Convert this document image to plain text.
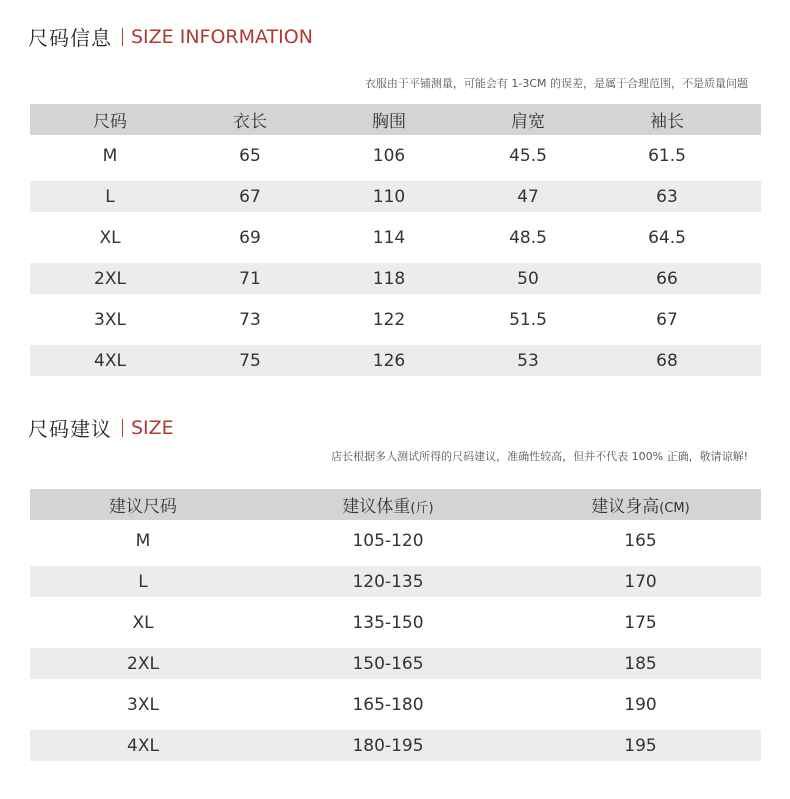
尺码信息 SIZE INFORMATION
衣服由于平铺测量，可能会有 1-3CM 的误差，是属于合理范围，不是质量问题
尺码	衣长	胸围	肩宽	袖长
M	65	106	45.5	61.5
L	67	110	47	63
XL	69	114	48.5	64.5
2XL	71	118	50	66
3XL	73	122	51.5	67
4XL	75	126	53	68
尺码建议 SIZE
店长根据多人测试所得的尺码建议，准确性较高，但并不代表 100% 正确，敬请谅解!
建议尺码	建议体重(斤)	建议身高(CM)
M	105-120	165
L	120-135	170
XL	135-150	175
2XL	150-165	185
3XL	165-180	190
4XL	180-195	195
